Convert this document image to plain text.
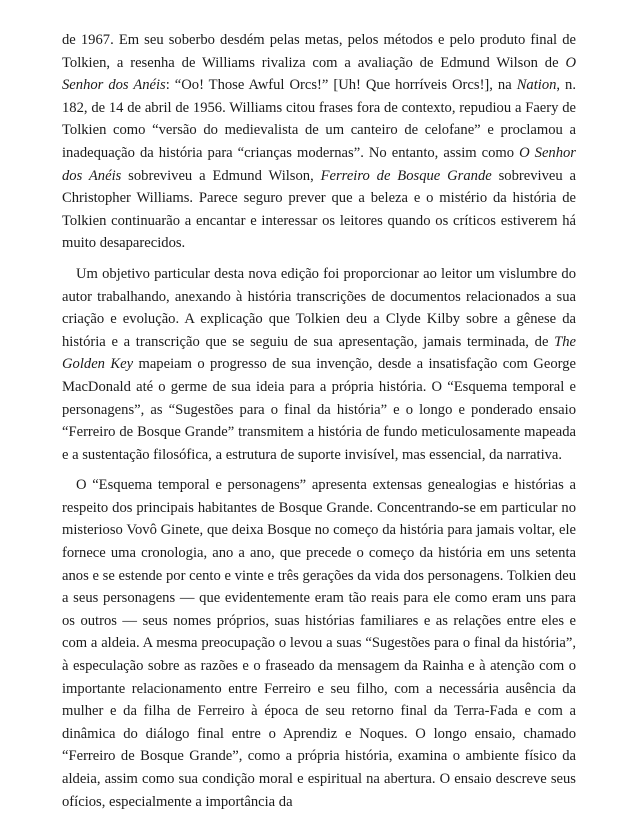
de 1967. Em seu soberbo desdém pelas metas, pelos métodos e pelo produto final de Tolkien, a resenha de Williams rivaliza com a avaliação de Edmund Wilson de O Senhor dos Anéis: “Oo! Those Awful Orcs!” [Uh! Que horríveis Orcs!], na Nation, n. 182, de 14 de abril de 1956. Williams citou frases fora de contexto, repudiou a Faery de Tolkien como “versão do medievalista de um canteiro de celofane” e proclamou a inadequação da história para “crianças modernas”. No entanto, assim como O Senhor dos Anéis sobreviveu a Edmund Wilson, Ferreiro de Bosque Grande sobreviveu a Christopher Williams. Parece seguro prever que a beleza e o mistério da história de Tolkien continuarão a encantar e interessar os leitores quando os críticos estiverem há muito desaparecidos.

Um objetivo particular desta nova edição foi proporcionar ao leitor um vislumbre do autor trabalhando, anexando à história transcrições de documentos relacionados a sua criação e evolução. A explicação que Tolkien deu a Clyde Kilby sobre a gênese da história e a transcrição que se seguiu de sua apresentação, jamais terminada, de The Golden Key mapeiam o progresso de sua invenção, desde a insatisfação com George MacDonald até o germe de sua ideia para a própria história. O “Esquema temporal e personagens”, as “Sugestões para o final da história” e o longo e ponderado ensaio “Ferreiro de Bosque Grande” transmitem a história de fundo meticulosamente mapeada e a sustentação filosófica, a estrutura de suporte invisível, mas essencial, da narrativa.

O “Esquema temporal e personagens” apresenta extensas genealogias e histórias a respeito dos principais habitantes de Bosque Grande. Concentrando-se em particular no misterioso Vovô Ginete, que deixa Bosque no começo da história para jamais voltar, ele fornece uma cronologia, ano a ano, que precede o começo da história em uns setenta anos e se estende por cento e vinte e três gerações da vida dos personagens. Tolkien deu a seus personagens — que evidentemente eram tão reais para ele como eram uns para os outros — seus nomes próprios, suas histórias familiares e as relações entre eles e com a aldeia. A mesma preocupação o levou a suas “Sugestões para o final da história”, à especulação sobre as razões e o fraseado da mensagem da Rainha e à atenção com o importante relacionamento entre Ferreiro e seu filho, com a necessária ausência da mulher e da filha de Ferreiro à época de seu retorno final da Terra-Fada e com a dinâmica do diálogo final entre o Aprendiz e Noques. O longo ensaio, chamado “Ferreiro de Bosque Grande”, como a própria história, examina o ambiente físico da aldeia, assim como sua condição moral e espiritual na abertura. O ensaio descreve seus ofícios, especialmente a importância da
